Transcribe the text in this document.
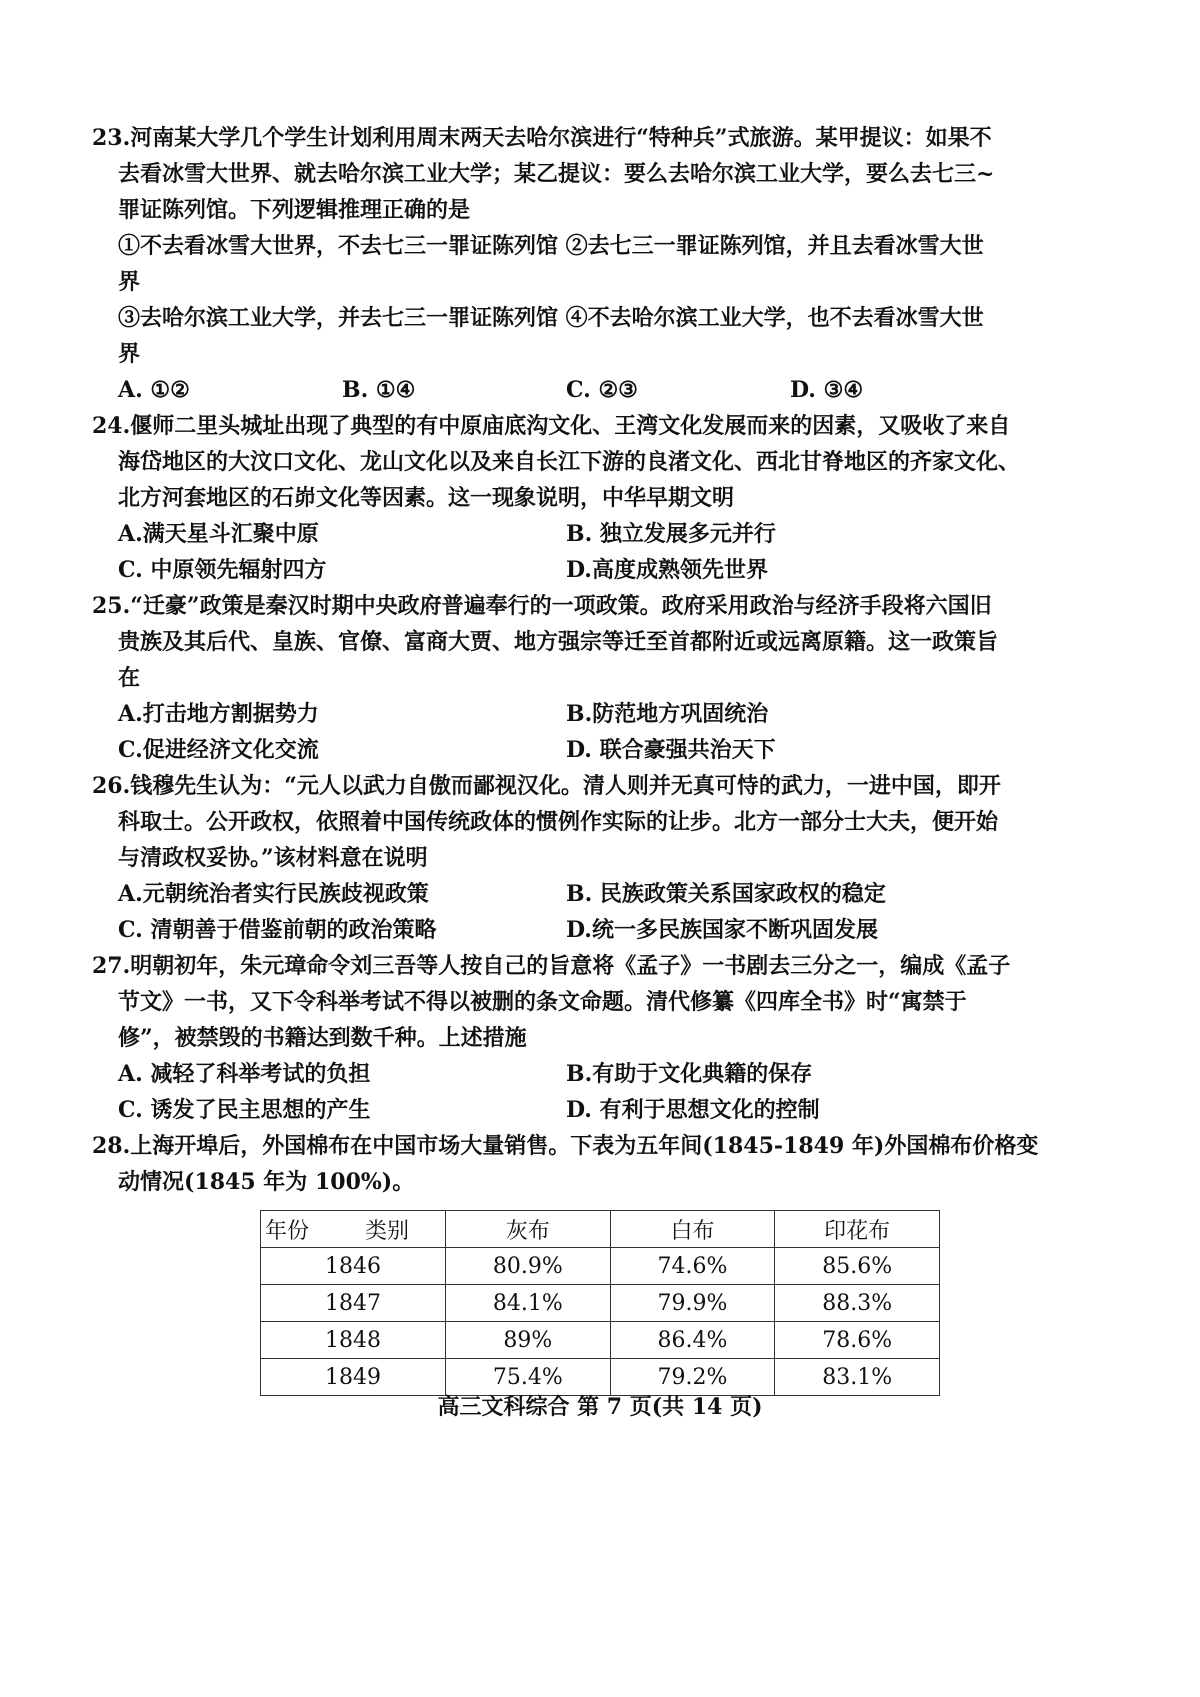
23.河南某大学几个学生计划利用周末两天去哈尔滨进行“特种兵”式旅游。某甲提议：如果不
去看冰雪大世界、就去哈尔滨工业大学；某乙提议：要么去哈尔滨工业大学，要么去七三~
罪证陈列馆。下列逻辑推理正确的是
①不去看冰雪大世界，不去七三一罪证陈列馆 ②去七三一罪证陈列馆，并且去看冰雪大世
界
③去哈尔滨工业大学，并去七三一罪证陈列馆 ④不去哈尔滨工业大学，也不去看冰雪大世
界
A. ①②	B. ①④	C. ②③	D. ③④
24.偃师二里头城址出现了典型的有中原庙底沟文化、王湾文化发展而来的因素，又吸收了来自
海岱地区的大汶口文化、龙山文化以及来自长江下游的良渚文化、西北甘脊地区的齐家文化、
北方河套地区的石峁文化等因素。这一现象说明，中华早期文明
A.满天星斗汇聚中原	B. 独立发展多元并行
C. 中原领先辐射四方	D.高度成熟领先世界
25.“迁豪”政策是秦汉时期中央政府普遍奉行的一项政策。政府采用政治与经济手段将六国旧
贵族及其后代、皇族、官僚、富商大贾、地方强宗等迁至首都附近或远离原籍。这一政策旨
在
A.打击地方割据势力	B.防范地方巩固统治
C.促进经济文化交流	D. 联合豪强共治天下
26.钱穆先生认为：“元人以武力自傲而鄙视汉化。清人则并无真可恃的武力，一进中国，即开
科取士。公开政权，依照着中国传统政体的惯例作实际的让步。北方一部分士大夫，便开始
与清政权妥协。”该材料意在说明
A.元朝统治者实行民族歧视政策	B. 民族政策关系国家政权的稳定
C. 清朝善于借鉴前朝的政治策略	D.统一多民族国家不断巩固发展
27.明朝初年，朱元璋命令刘三吾等人按自己的旨意将《孟子》一书剧去三分之一，编成《孟子
节文》一书，又下令科举考试不得以被删的条文命题。清代修纂《四库全书》时“寓禁于
修”，被禁毁的书籍达到数千种。上述措施
A. 减轻了科举考试的负担	B.有助于文化典籍的保存
C. 诱发了民主思想的产生	D. 有利于思想文化的控制
28.上海开埠后，外国棉布在中国市场大量销售。下表为五年间(1845-1849 年)外国棉布价格变
动情况(1845 年为 100%)。
年份 类别	灰布	白布	印花布
1846	80.9%	74.6%	85.6%
1847	84.1%	79.9%	88.3%
1848	89%	86.4%	78.6%
1849	75.4%	79.2%	83.1%
高三文科综合 第 7 页(共 14 页)
